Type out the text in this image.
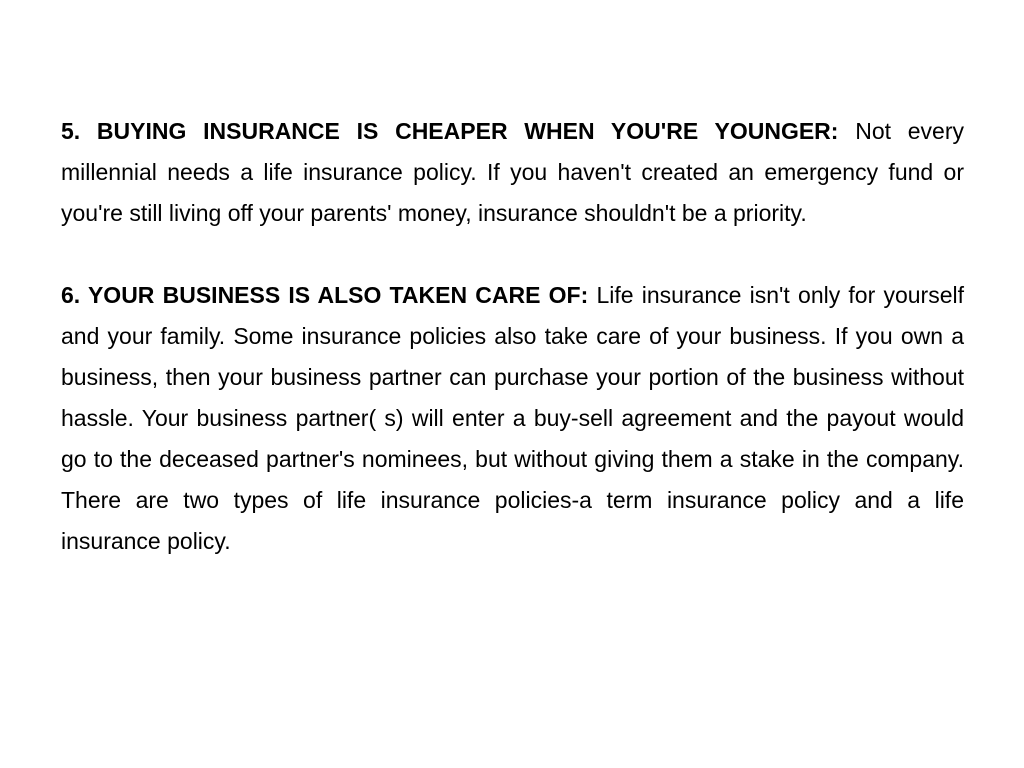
5. BUYING INSURANCE IS CHEAPER WHEN YOU'RE YOUNGER: Not every millennial needs a life insurance policy. If you haven't created an emergency fund or you're still living off your parents' money, insurance shouldn't be a priority.

6. YOUR BUSINESS IS ALSO TAKEN CARE OF: Life insurance isn't only for yourself and your family. Some insurance policies also take care of your business. If you own a business, then your business partner can purchase your portion of the business without hassle. Your business partner( s) will enter a buy-sell agreement and the payout would go to the deceased partner's nominees, but without giving them a stake in the company. There are two types of life insurance policies-a term insurance policy and a life insurance policy.
